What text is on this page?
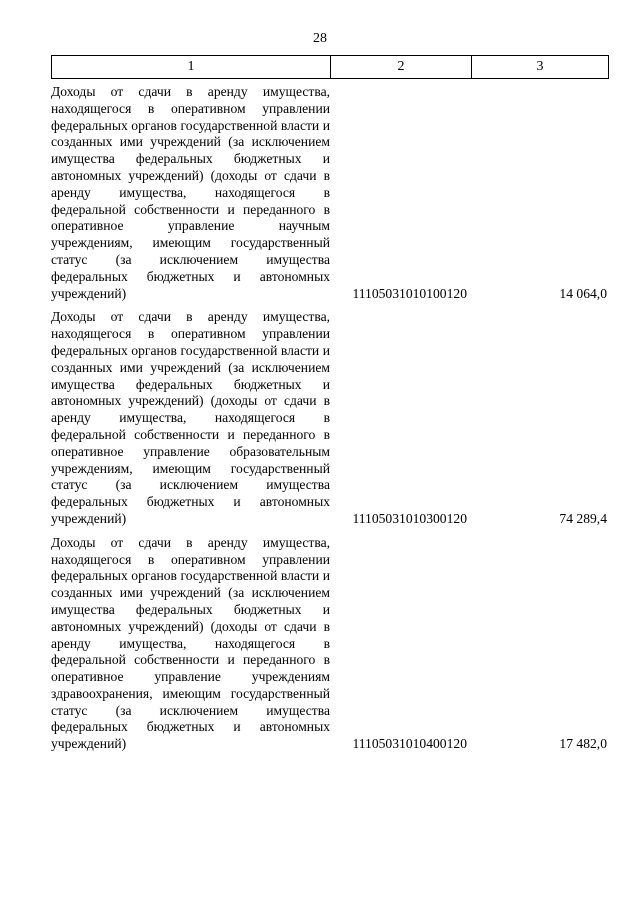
28
1	2	3
Доходы от сдачи в аренду имущества, находящегося в оперативном управлении федеральных органов государственной власти и созданных ими учреждений (за исключением имущества федеральных бюджетных и автономных учреждений) (доходы от сдачи в аренду имущества, находящегося в федеральной собственности и переданного в оперативное управление научным учреждениям, имеющим государственный статус (за исключением имущества федеральных бюджетных и автономных учреждений)	11105031010100120	14 064,0
Доходы от сдачи в аренду имущества, находящегося в оперативном управлении федеральных органов государственной власти и созданных ими учреждений (за исключением имущества федеральных бюджетных и автономных учреждений) (доходы от сдачи в аренду имущества, находящегося в федеральной собственности и переданного в оперативное управление образовательным учреждениям, имеющим государственный статус (за исключением имущества федеральных бюджетных и автономных учреждений)	11105031010300120	74 289,4
Доходы от сдачи в аренду имущества, находящегося в оперативном управлении федеральных органов государственной власти и созданных ими учреждений (за исключением имущества федеральных бюджетных и автономных учреждений) (доходы от сдачи в аренду имущества, находящегося в федеральной собственности и переданного в оперативное управление учреждениям здравоохранения, имеющим государственный статус (за исключением имущества федеральных бюджетных и автономных учреждений)	11105031010400120	17 482,0
